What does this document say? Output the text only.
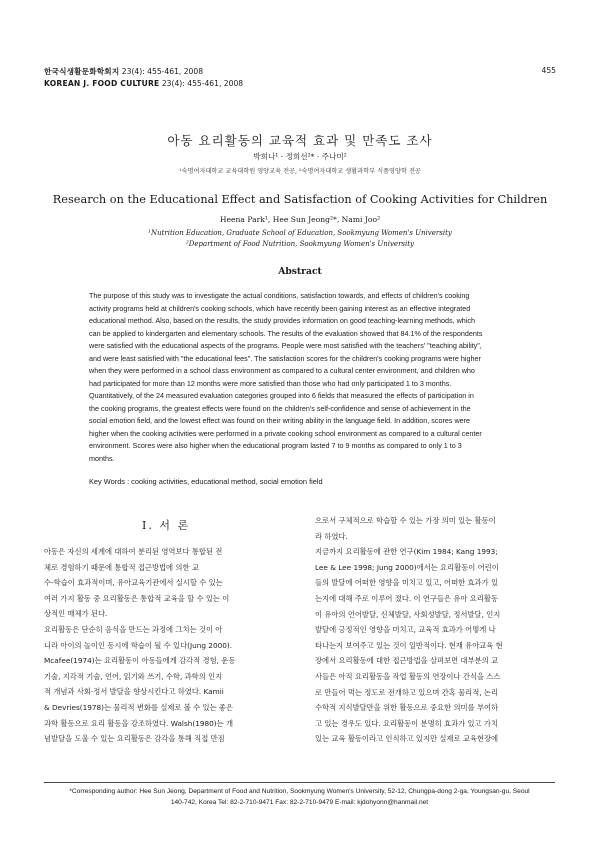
한국식생활문화학회지 23(4): 455-461, 2008
KOREAN J. FOOD CULTURE 23(4): 455-461, 2008
455
아동 요리활동의 교육적 효과 및 만족도 조사
박희나¹ · 정희선²* · 주나미²
¹숙명여자대학교 교육대학원 영양교육 전공, ²숙명여자대학교 생활과학부 식품영양학 전공
Research on the Educational Effect and Satisfaction of Cooking Activities for Children
Heena Park¹, Hee Sun Jeong²*, Nami Joo²
¹Nutrition Education, Graduate School of Education, Sookmyung Women's University
²Department of Food Nutrition, Sookmyung Women's University
Abstract
The purpose of this study was to investigate the actual conditions, satisfaction towards, and effects of children's cooking
activity programs held at children's cooking schools, which have recently been gaining interest as an effective integrated
educational method. Also, based on the results, the study provides information on good teaching-learning methods, which
can be applied to kindergarten and elementary schools. The results of the evaluation showed that 84.1% of the respondents
were satisfied with the educational aspects of the programs. People were most satisfied with the teachers' "teaching ability",
and were least satisfied with "the educational fees". The satisfaction scores for the children's cooking programs were higher
when they were performed in a school class environment as compared to a cultural center environment, and children who
had participated for more than 12 months were more satisfied than those who had only participated 1 to 3 months.
Quantitatively, of the 24 measured evaluation categories grouped into 6 fields that measured the effects of participation in
the cooking programs, the greatest effects were found on the children's self-confidence and sense of achievement in the
social emotion field, and the lowest effect was found on their writing ability in the language field. In addition, scores were
higher when the cooking activities were performed in a private cooking school environment as compared to a cultural center
environment. Scores were also higher when the educational program lasted 7 to 9 months as compared to only 1 to 3
months.
Key Words : cooking activities, educational method, social emotion field
Ⅰ. 서 론
아동은 자신의 세계에 대하여 분리된 영역보다 통합된 전
체로 경험하기 때문에 통합적 접근방법에 의한 교
수-학습이 효과적이며, 유아교육기관에서 실시할 수 있는
여러 가지 활동 중 요리활동은 통합적 교육을 할 수 있는 이
상적인 매체가 된다.
요리활동은 단순히 음식을 만드는 과정에 그치는 것이 아
니라 아이의 놀이인 동시에 학습이 될 수 있다(Jung 2000).
Mcafee(1974)는 요리활동이 아동들에게 감각적 경험, 운동
기술, 지각적 기술, 언어, 읽기와 쓰기, 수학, 과학의 인지
적 개념과 사회·정서 발달을 향상시킨다고 하였다. Kamii
& Devries(1978)는 물리적 변화를 실제로 볼 수 있는 좋은
과학 활동으로 요리 활동을 강조하였다. Walsh(1980)는 개
념발달을 도울 수 있는 요리활동은 감각을 통해 직접 만짐
으로서 구체적으로 학습할 수 있는 가장 의미 있는 활동이
라 하였다.
지금까지 요리활동에 관한 연구(Kim 1984; Kang 1993;
Lee & Lee 1998; Jung 2000)에서는 요리활동이 어린이
들의 발달에 어떠한 영향을 미치고 있고, 어떠한 효과가 있
는지에 대해 주로 이루어 졌다. 이 연구들은 유아 요리활동
이 유아의 언어발달, 신체발달, 사회성발달, 정서발달, 인지
발달에 긍정적인 영향을 미치고, 교육적 효과가 어떻게 나
타나는지 보여주고 있는 것이 일반적이다. 현재 유아교육 현
장에서 요리활동에 대한 접근방법을 살펴보면 대부분의 교
사들은 아직 요리활동을 작업 활동의 연장이나 간식을 스스
로 만들어 먹는 정도로 전개하고 있으며 간혹 물리적, 논리
수학적 지식발달만을 위한 활동으로 중요한 의미를 부여하
고 있는 경우도 있다. 요리활동이 분명히 효과가 있고 가치
있는 교육 활동이라고 인식하고 있지만 실제로 교육현장에
*Corresponding author: Hee Sun Jeong, Department of Food and Nutrition, Sookmyung Women's University, 52-12, Chungpa-dong 2-ga, Youngsan-gu, Seoul
140-742, Korea Tel: 82-2-710-9471 Fax: 82-2-710-9479 E-mail: kjdohyonn@hanmail.net
